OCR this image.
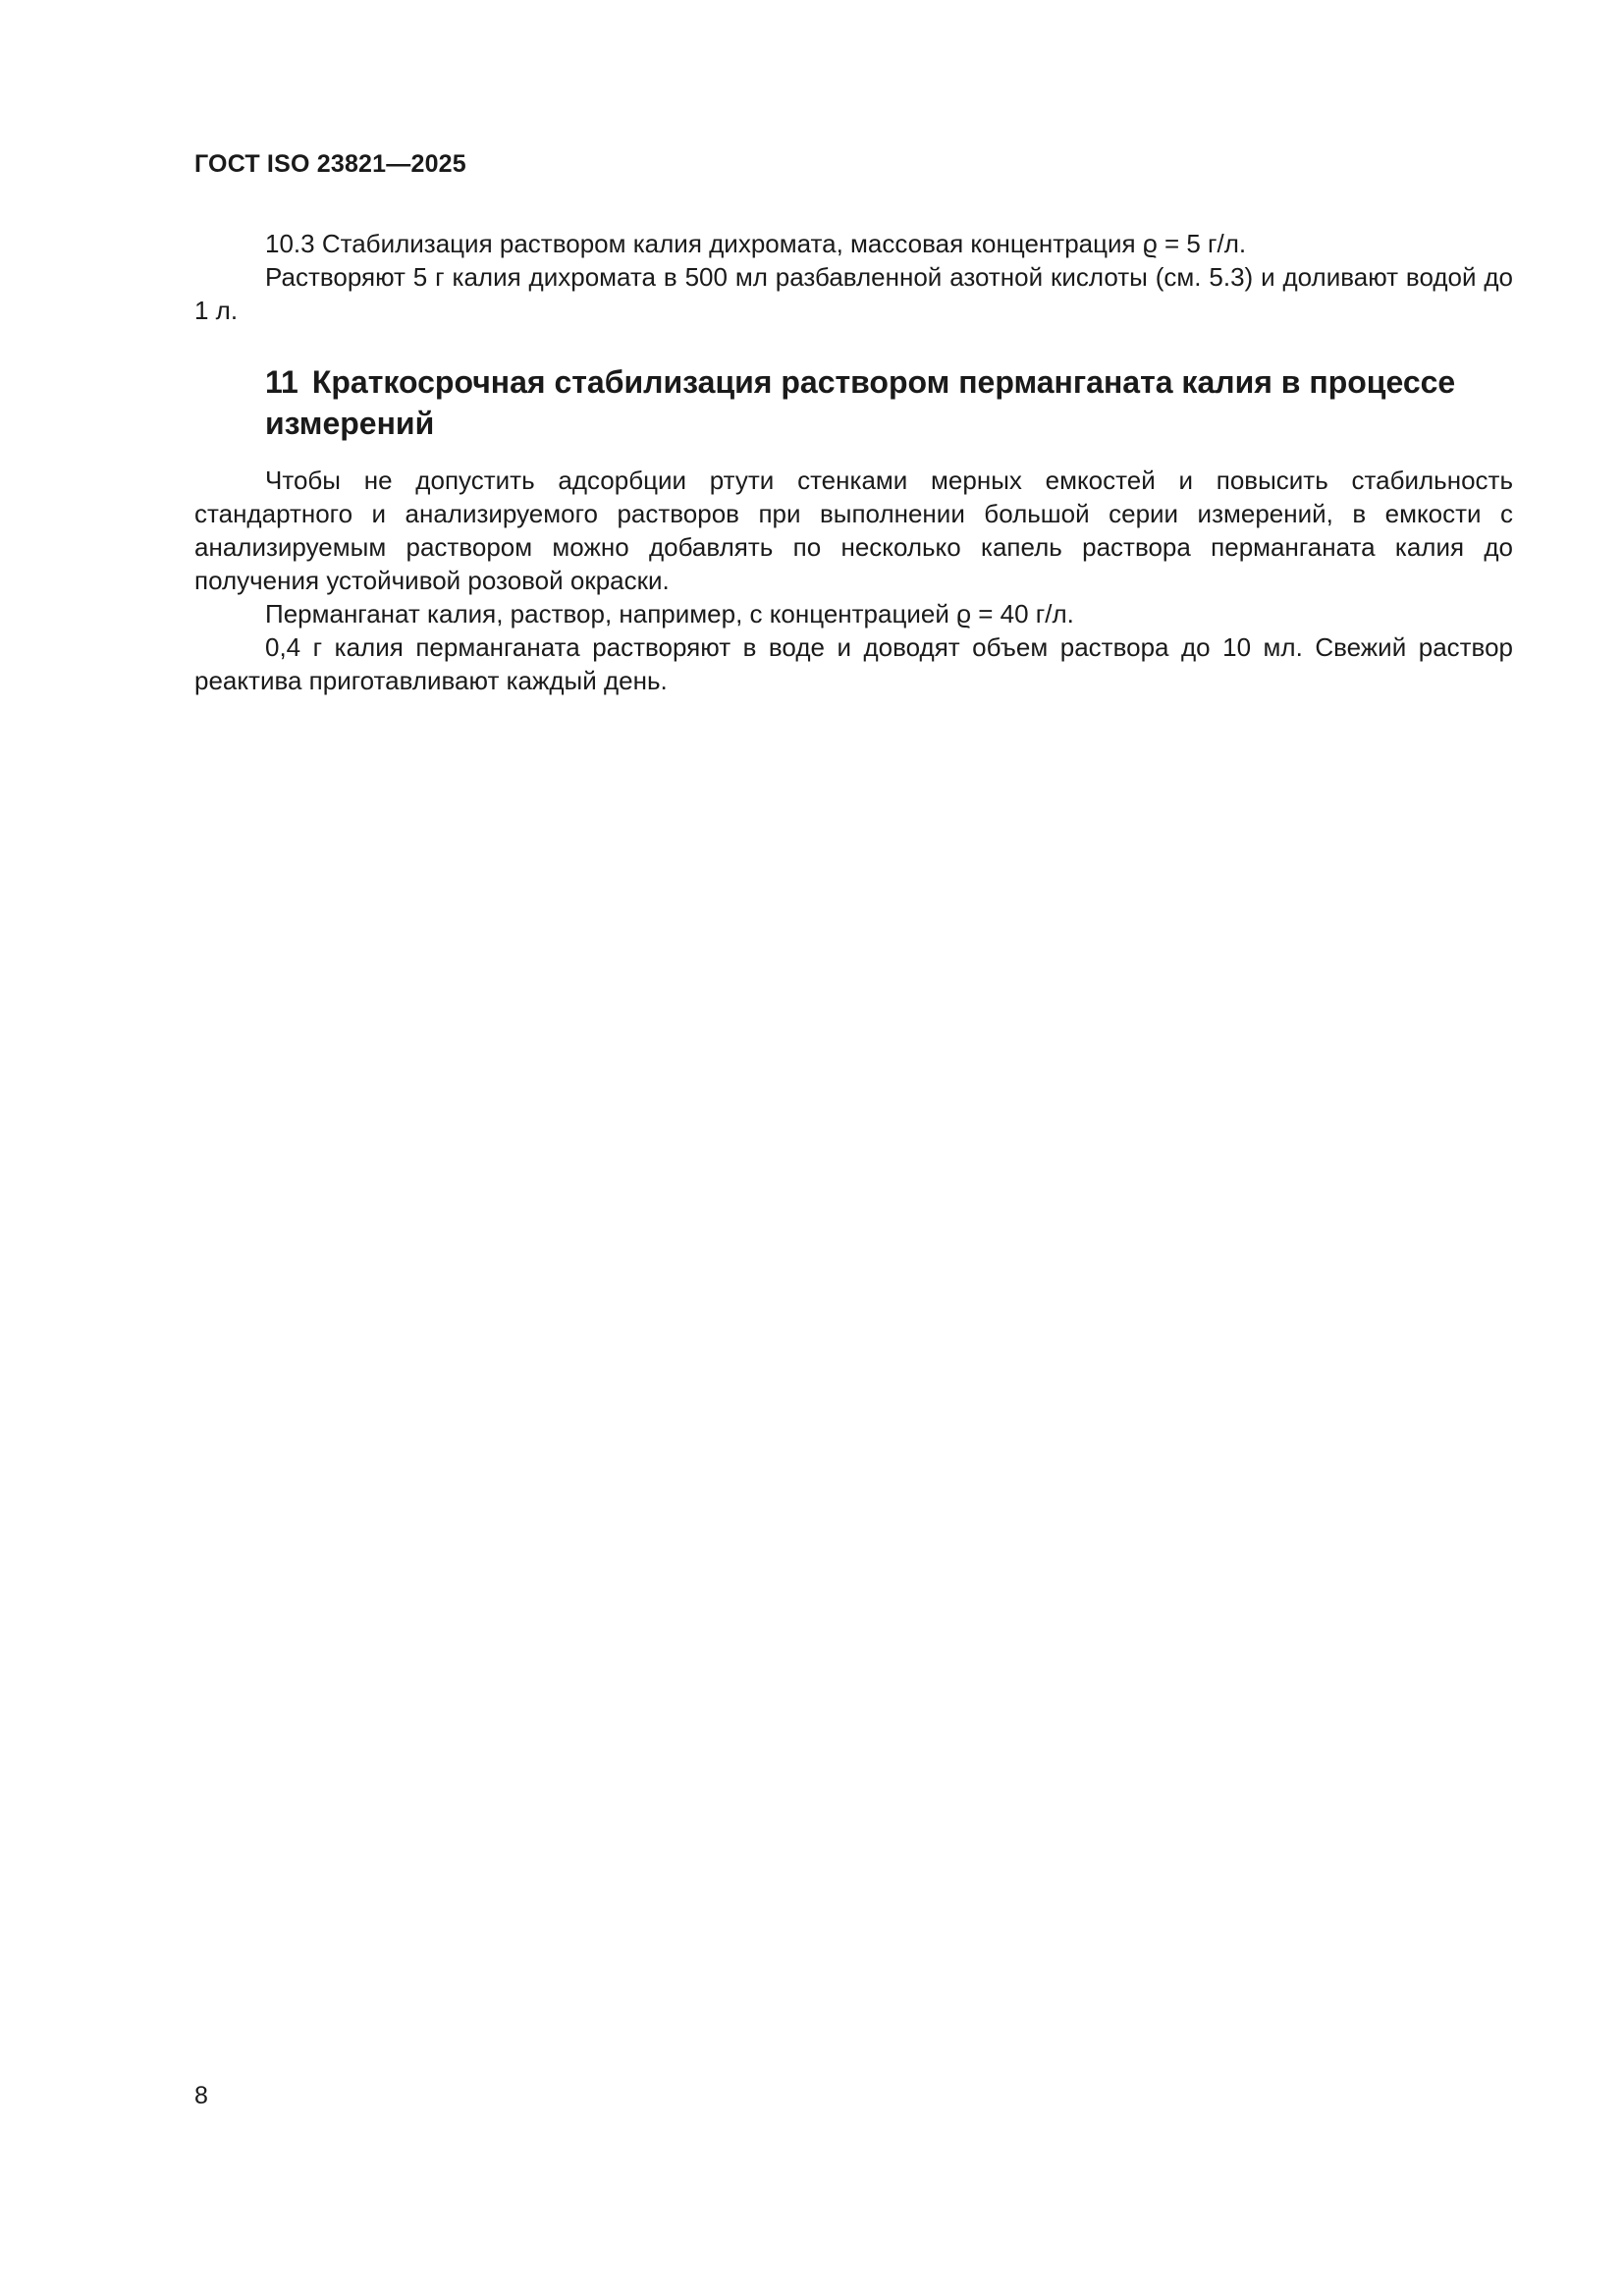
ГОСТ ISO 23821—2025

10.3 Стабилизация раствором калия дихромата, массовая концентрация ϱ = 5 г/л.

Растворяют 5 г калия дихромата в 500 мл разбавленной азотной кислоты (см. 5.3) и доливают водой до 1 л.

11 Краткосрочная стабилизация раствором перманганата калия в процессе измерений

Чтобы не допустить адсорбции ртути стенками мерных емкостей и повысить стабильность стандартного и анализируемого растворов при выполнении большой серии измерений, в емкости с анализируемым раствором можно добавлять по несколько капель раствора перманганата калия до получения устойчивой розовой окраски.

Перманганат калия, раствор, например, с концентрацией ϱ = 40 г/л.

0,4 г калия перманганата растворяют в воде и доводят объем раствора до 10 мл. Свежий раствор реактива приготавливают каждый день.

8
